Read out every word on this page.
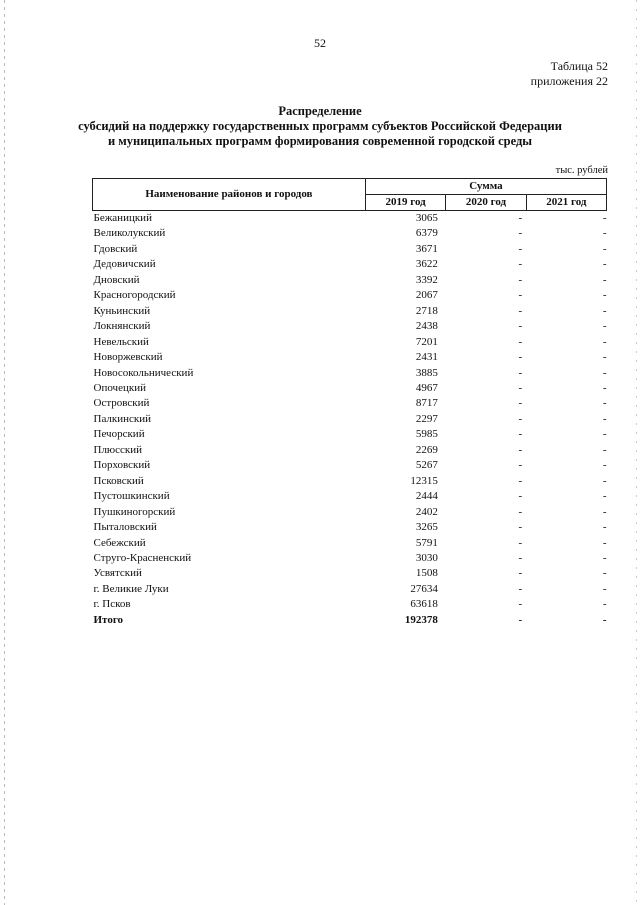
52
Таблица 52
приложения 22
Распределение
субсидий на поддержку государственных программ субъектов Российской Федерации
и муниципальных программ формирования современной городской среды
тыс. рублей
Наименование районов и городов	Сумма		
	2019 год	2020 год	2021 год
Бежаницкий	3065	-	-
Великолукский	6379	-	-
Гдовский	3671	-	-
Дедовичский	3622	-	-
Дновский	3392	-	-
Красногородский	2067	-	-
Куньинский	2718	-	-
Локнянский	2438	-	-
Невельский	7201	-	-
Новоржевский	2431	-	-
Новосокольнический	3885	-	-
Опочецкий	4967	-	-
Островский	8717	-	-
Палкинский	2297	-	-
Печорский	5985	-	-
Плюсский	2269	-	-
Порховский	5267	-	-
Псковский	12315	-	-
Пустошкинский	2444	-	-
Пушкиногорский	2402	-	-
Пыталовский	3265	-	-
Себежский	5791	-	-
Струго-Красненский	3030	-	-
Усвятский	1508	-	-
г. Великие Луки	27634	-	-
г. Псков	63618	-	-
Итого	192378	-	-
